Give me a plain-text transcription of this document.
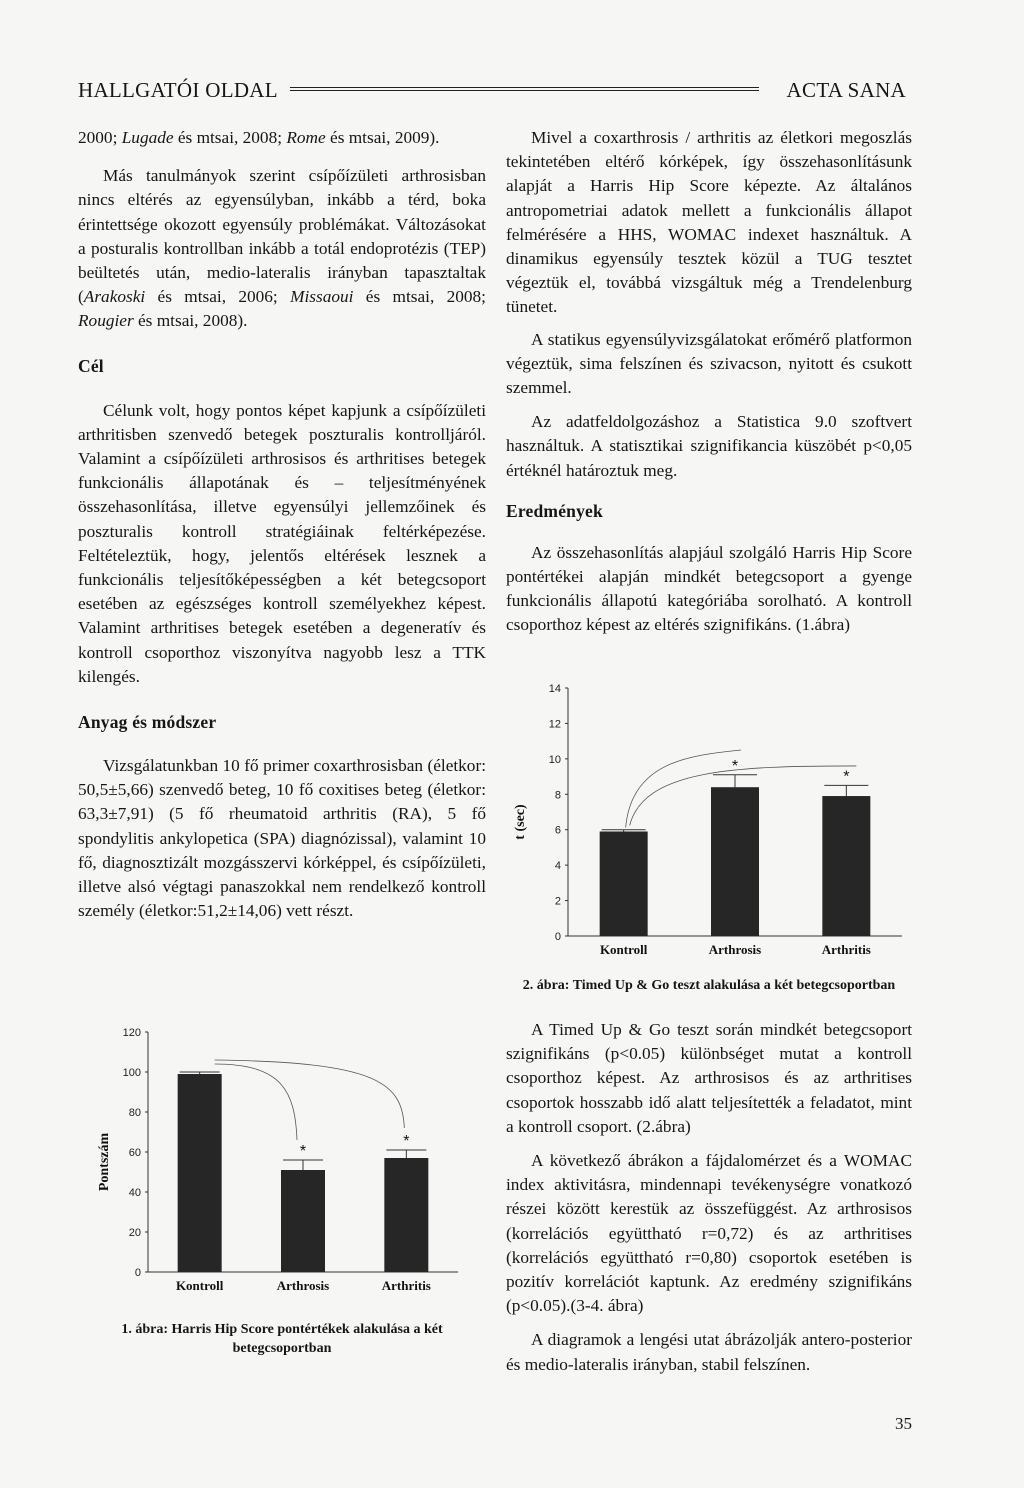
HALLGATÓI OLDAL	ACTA SANA

2000; Lugade és mtsai, 2008; Rome és mtsai, 2009).

Más tanulmányok szerint csípőízületi arthrosisban nincs eltérés az egyensúlyban, inkább a térd, boka érintettsége okozott egyensúly problémákat. Változásokat a posturalis kontrollban inkább a totál endoprotézis (TEP) beültetés után, medio-lateralis irányban tapasztaltak (Arakoski és mtsai, 2006; Missaoui és mtsai, 2008; Rougier és mtsai, 2008).

Cél

Célunk volt, hogy pontos képet kapjunk a csípőízületi arthritisben szenvedő betegek poszturalis kontrolljáról. Valamint a csípőízületi arthrosisos és arthritises betegek funkcionális állapotának és – teljesítményének összehasonlítása, illetve egyensúlyi jellemzőinek és poszturalis kontroll stratégiáinak feltérképezése. Feltételeztük, hogy, jelentős eltérések lesznek a funkcionális teljesítőképességben a két betegcsoport esetében az egészséges kontroll személyekhez képest. Valamint arthritises betegek esetében a degeneratív és kontroll csoporthoz viszonyítva nagyobb lesz a TTK kilengés.

Anyag és módszer

Vizsgálatunkban 10 fő primer coxarthrosisban (életkor: 50,5±5,66) szenvedő beteg, 10 fő coxitises beteg (életkor: 63,3±7,91) (5 fő rheumatoid arthritis (RA), 5 fő spondylitis ankylopetica (SPA) diagnózissal), valamint 10 fő, diagnosztizált mozgásszervi kórképpel, és csípőízületi, illetve alsó végtagi panaszokkal nem rendelkező kontroll személy (életkor:51,2±14,06) vett részt.

Mivel a coxarthrosis / arthritis az életkori megoszlás tekintetében eltérő kórképek, így összehasonlításunk alapját a Harris Hip Score képezte. Az általános antropometriai adatok mellett a funkcionális állapot felmérésére a HHS, WOMAC indexet használtuk. A dinamikus egyensúly tesztek közül a TUG tesztet végeztük el, továbbá vizsgáltuk még a Trendelenburg tünetet.

A statikus egyensúlyvizsgálatokat erőmérő platformon végeztük, sima felszínen és szivacson, nyitott és csukott szemmel.

Az adatfeldolgozáshoz a Statistica 9.0 szoftvert használtuk. A statisztikai szignifikancia küszöbét p<0,05 értéknél határoztuk meg.

Eredmények

Az összehasonlítás alapjául szolgáló Harris Hip Score pontértékei alapján mindkét betegcsoport a gyenge funkcionális állapotú kategóriába sorolható. A kontroll csoporthoz képest az eltérés szignifikáns. (1.ábra)

A Timed Up & Go teszt során mindkét betegcsoport szignifikáns (p<0.05) különbséget mutat a kontroll csoporthoz képest. Az arthrosisos és az arthritises csoportok hosszabb idő alatt teljesítették a feladatot, mint a kontroll csoport. (2.ábra)

A következő ábrákon a fájdalomérzet és a WOMAC index aktivitásra, mindennapi tevékenységre vonatkozó részei között kerestük az összefüggést. Az arthrosisos (korrelációs együttható r=0,72) és az arthritises (korrelációs együttható r=0,80) csoportok esetében is pozitív korrelációt kaptunk. Az eredmény szignifikáns (p<0.05).(3-4. ábra)

A diagramok a lengési utat ábrázolják antero-posterior és medio-lateralis irányban, stabil felszínen.

0
20
40
60
80
100
120
Pontszám
Kontroll	Arthrosis
*
Arthritis
*
1. ábra: Harris Hip Score pontértékek alakulása a két betegcsoportban
0
2
4
6
8
10
12
14
t (sec)
Kontroll	Arthrosis
*
Arthritis
*
2. ábra: Timed Up & Go teszt alakulása a két betegcsoportban
35
